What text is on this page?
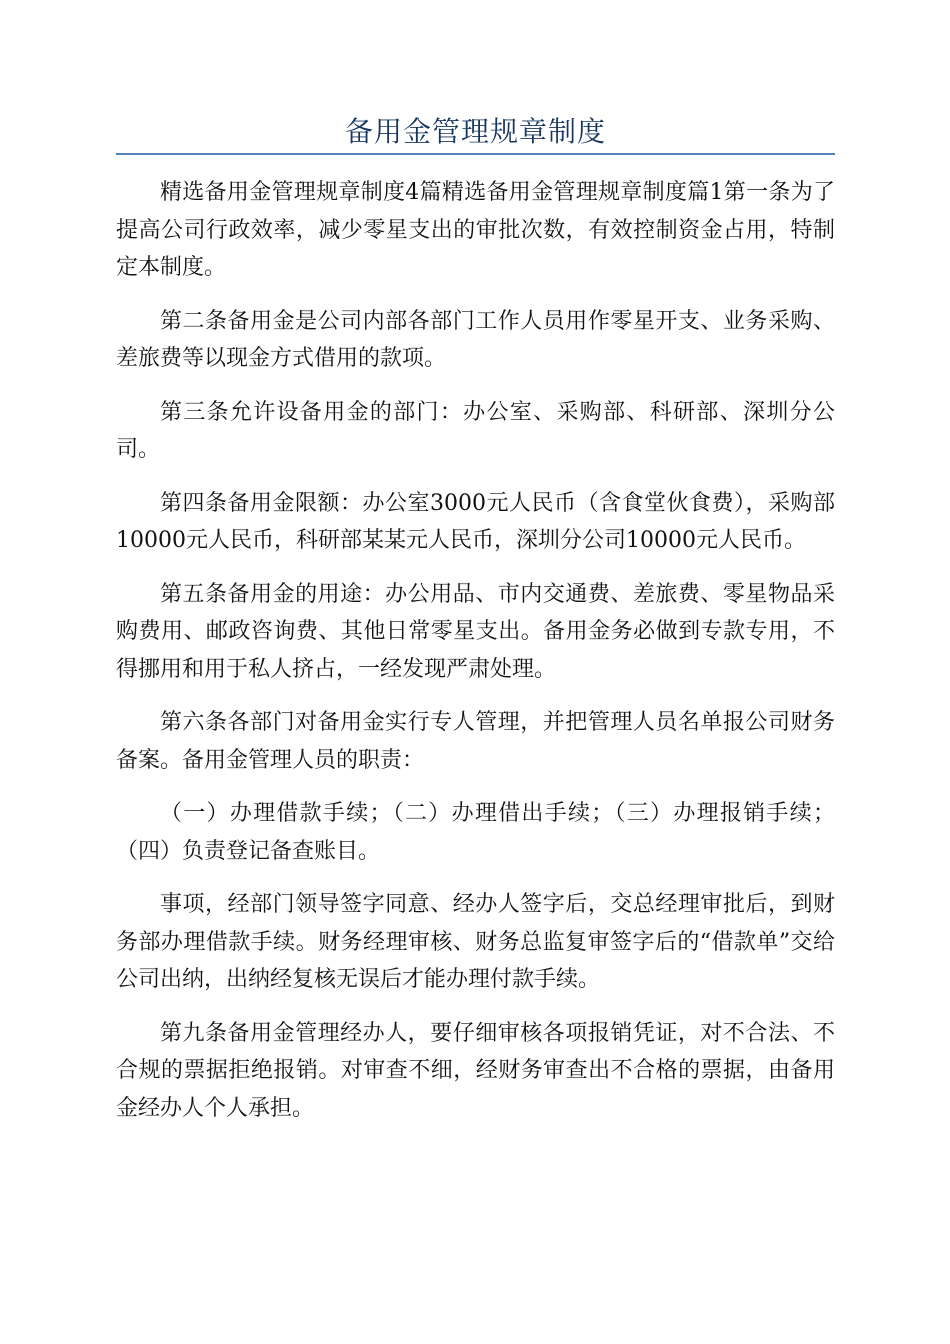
备用金管理规章制度

精选备用金管理规章制度4篇精选备用金管理规章制度篇1第一条为了提高公司行政效率，减少零星支出的审批次数，有效控制资金占用，特制定本制度。

第二条备用金是公司内部各部门工作人员用作零星开支、业务采购、差旅费等以现金方式借用的款项。

第三条允许设备用金的部门：办公室、采购部、科研部、深圳分公司。

第四条备用金限额：办公室3000元人民币（含食堂伙食费），采购部10000元人民币，科研部某某元人民币，深圳分公司10000元人民币。

第五条备用金的用途：办公用品、市内交通费、差旅费、零星物品采购费用、邮政咨询费、其他日常零星支出。备用金务必做到专款专用，不得挪用和用于私人挤占，一经发现严肃处理。

第六条各部门对备用金实行专人管理，并把管理人员名单报公司财务备案。备用金管理人员的职责：

（一）办理借款手续；（二）办理借出手续；（三）办理报销手续；（四）负责登记备查账目。

事项，经部门领导签字同意、经办人签字后，交总经理审批后，到财务部办理借款手续。财务经理审核、财务总监复审签字后的“借款单”交给公司出纳，出纳经复核无误后才能办理付款手续。

第九条备用金管理经办人，要仔细审核各项报销凭证，对不合法、不合规的票据拒绝报销。对审查不细，经财务审查出不合格的票据，由备用金经办人个人承担。
